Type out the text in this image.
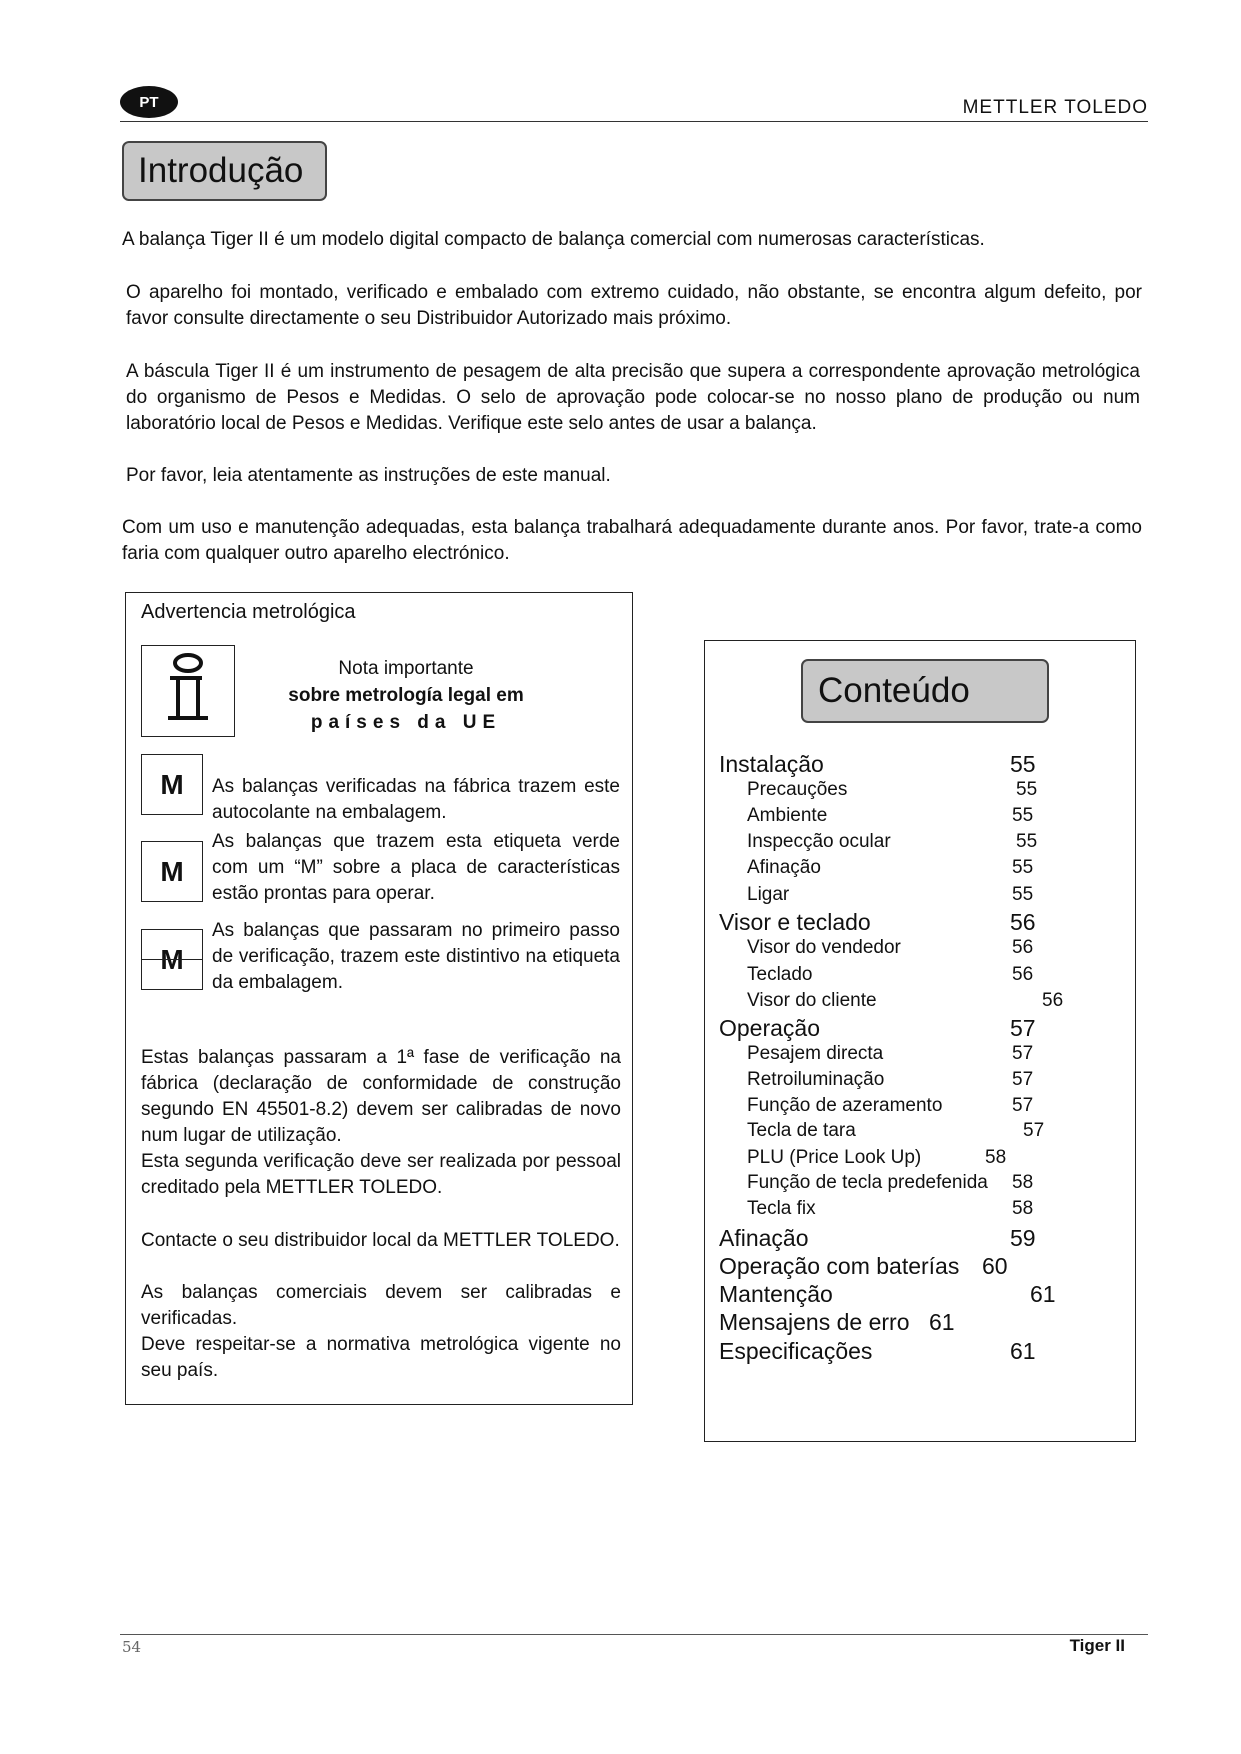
PT	METTLER TOLEDO
Introdução

A balança Tiger II é um modelo digital compacto de balança comercial com numerosas características.

O aparelho foi montado, verificado e embalado com extremo cuidado, não obstante, se encontra algum defeito, por favor consulte directamente o seu Distribuidor Autorizado mais próximo.

A báscula Tiger II é um instrumento de pesagem de alta precisão que supera a correspondente aprovação metrológica do organismo de Pesos e Medidas. O selo de aprovação pode colocar-se no nosso plano de produção ou num laboratório local de Pesos e Medidas. Verifique este selo antes de usar a balança.

Por favor, leia atentamente as instruções de este manual.

Com um uso e manutenção adequadas, esta balança trabalhará adequadamente durante anos. Por favor, trate-a como faria com qualquer outro aparelho electrónico.

Advertencia metrológica
Nota importante
sobre metrología legal em
países da UE
M	As balanças verificadas na fábrica trazem este autocolante na embalagem.
M
As balanças que trazem esta etiqueta verde com um “M” sobre a placa de características estão prontas para operar.
M
As balanças que passaram no primeiro passo de verificação, trazem este distintivo na etiqueta da embalagem.

Estas balanças passaram a 1ª fase de verificação na fábrica (declaração de conformidade de construção segundo EN 45501-8.2) devem ser calibradas de novo num lugar de utilização.

Esta segunda verificação deve ser realizada por pessoal creditado pela METTLER TOLEDO.

Contacte o seu distribuidor local da METTLER TOLEDO.

As balanças comerciais devem ser calibradas e verificadas.

Deve respeitar-se a normativa metrológica vigente no seu país.

Conteúdo
Instalação	55
Precauções	55
Ambiente	55
Inspecção ocular	55
Afinação	55
Ligar	55
Visor e teclado	56
Visor do vendedor	56
Teclado	56
Visor do cliente	56
Operação	57
Pesajem directa	57
Retroiluminação	57
Função de azeramento	57
Tecla de tara	57
PLU (Price Look Up)	58
Função de tecla predefenida 58
Tecla fix	58
Afinação	59
Operação com baterías 60
Mantenção	61
Mensajens de erro 61
Especificações	61
54	Tiger II
